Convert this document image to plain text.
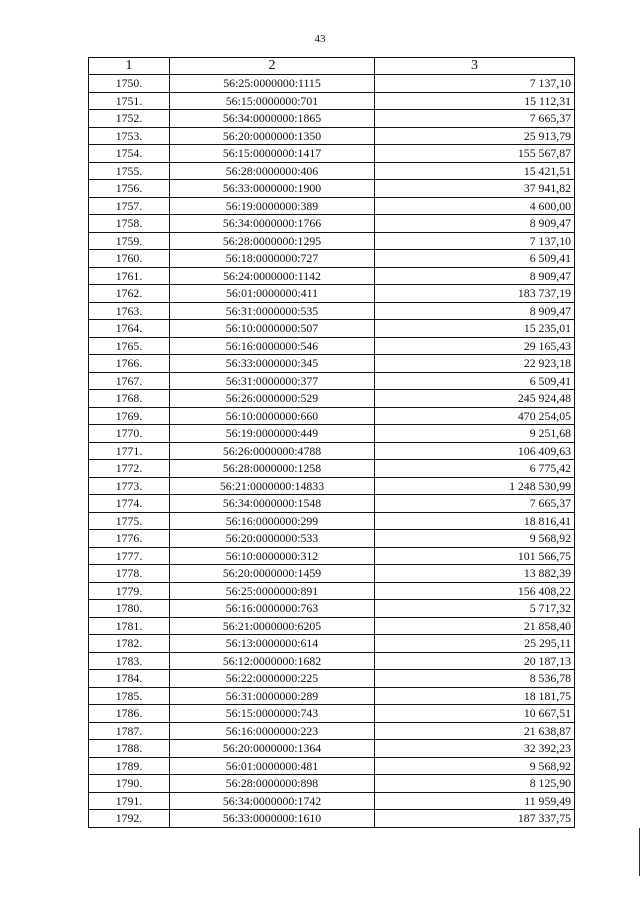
43
1	2	3
1750.	56:25:0000000:1115	7 137,10
1751.	56:15:0000000:701	15 112,31
1752.	56:34:0000000:1865	7 665,37
1753.	56:20:0000000:1350	25 913,79
1754.	56:15:0000000:1417	155 567,87
1755.	56:28:0000000:406	15 421,51
1756.	56:33:0000000:1900	37 941,82
1757.	56:19:0000000:389	4 600,00
1758.	56:34:0000000:1766	8 909,47
1759.	56:28:0000000:1295	7 137,10
1760.	56:18:0000000:727	6 509,41
1761.	56:24:0000000:1142	8 909,47
1762.	56:01:0000000:411	183 737,19
1763.	56:31:0000000:535	8 909,47
1764.	56:10:0000000:507	15 235,01
1765.	56:16:0000000:546	29 165,43
1766.	56:33:0000000:345	22 923,18
1767.	56:31:0000000:377	6 509,41
1768.	56:26:0000000:529	245 924,48
1769.	56:10:0000000:660	470 254,05
1770.	56:19:0000000:449	9 251,68
1771.	56:26:0000000:4788	106 409,63
1772.	56:28:0000000:1258	6 775,42
1773.	56:21:0000000:14833	1 248 530,99
1774.	56:34:0000000:1548	7 665,37
1775.	56:16:0000000:299	18 816,41
1776.	56:20:0000000:533	9 568,92
1777.	56:10:0000000:312	101 566,75
1778.	56:20:0000000:1459	13 882,39
1779.	56:25:0000000:891	156 408,22
1780.	56:16:0000000:763	5 717,32
1781.	56:21:0000000:6205	21 858,40
1782.	56:13:0000000:614	25 295,11
1783.	56:12:0000000:1682	20 187,13
1784.	56:22:0000000:225	8 536,78
1785.	56:31:0000000:289	18 181,75
1786.	56:15:0000000:743	10 667,51
1787.	56:16:0000000:223	21 638,87
1788.	56:20:0000000:1364	32 392,23
1789.	56:01:0000000:481	9 568,92
1790.	56:28:0000000:898	8 125,90
1791.	56:34:0000000:1742	11 959,49
1792.	56:33:0000000:1610	187 337,75
